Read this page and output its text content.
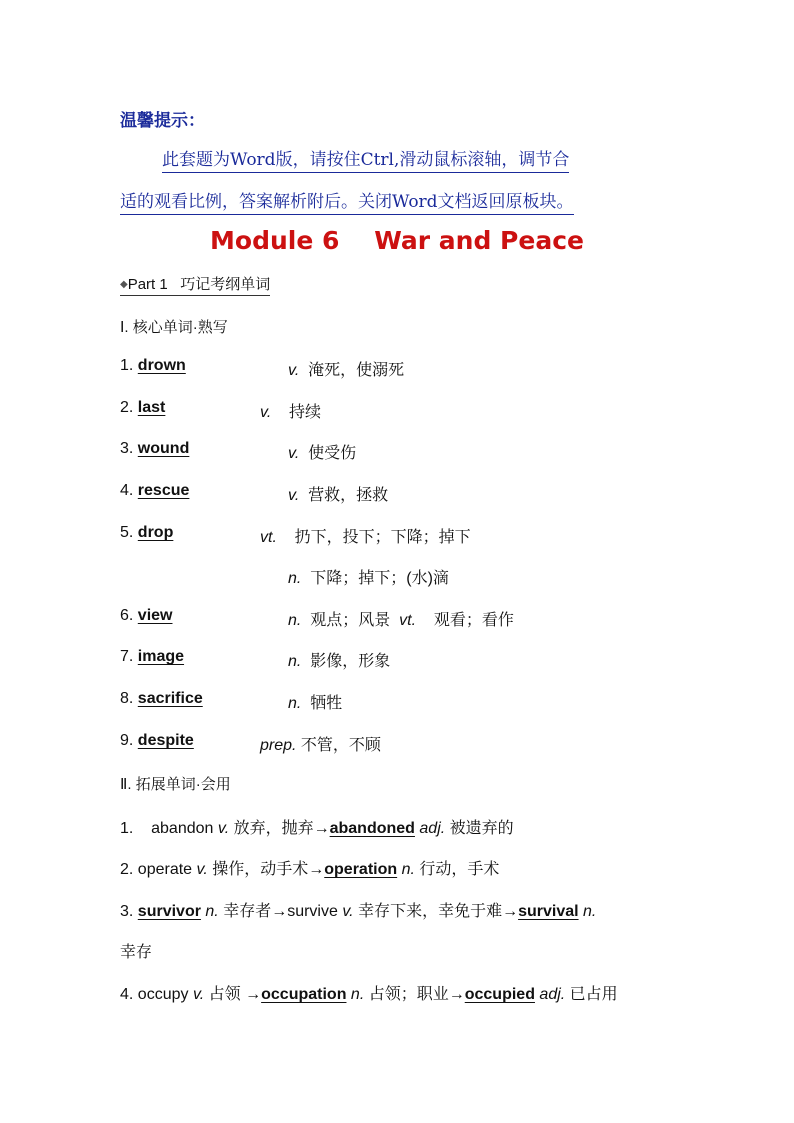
温馨提示：
此套题为Word版，请按住Ctrl,滑动鼠标滚轴，调节合
适的观看比例，答案解析附后。关闭Word文档返回原板块。
Module 6    War and Peace
◆Part 1 巧记考纲单词
Ⅰ. 核心单词·熟写
1. drown	v. 淹死，使溺死
2. last	v. 持续
3. wound	v. 使受伤
4. rescue	v. 营救，拯救
5. drop	vt. 扔下，投下；下降；掉下
n. 下降；掉下；(水)滴
6. view	n. 观点；风景 vt. 观看；看作
7. image	n. 影像，形象
8. sacrifice	n. 牺牲
9. despite	prep. 不管，不顾
Ⅱ. 拓展单词·会用
1. abandon v. 放弃，抛弃→abandoned adj. 被遗弃的
2. operate v. 操作，动手术→operation n. 行动，手术
3. survivor n. 幸存者→survive v. 幸存下来，幸免于难→survival n.
幸存
4. occupy v. 占领 →occupation n. 占领；职业→occupied adj. 已占用
